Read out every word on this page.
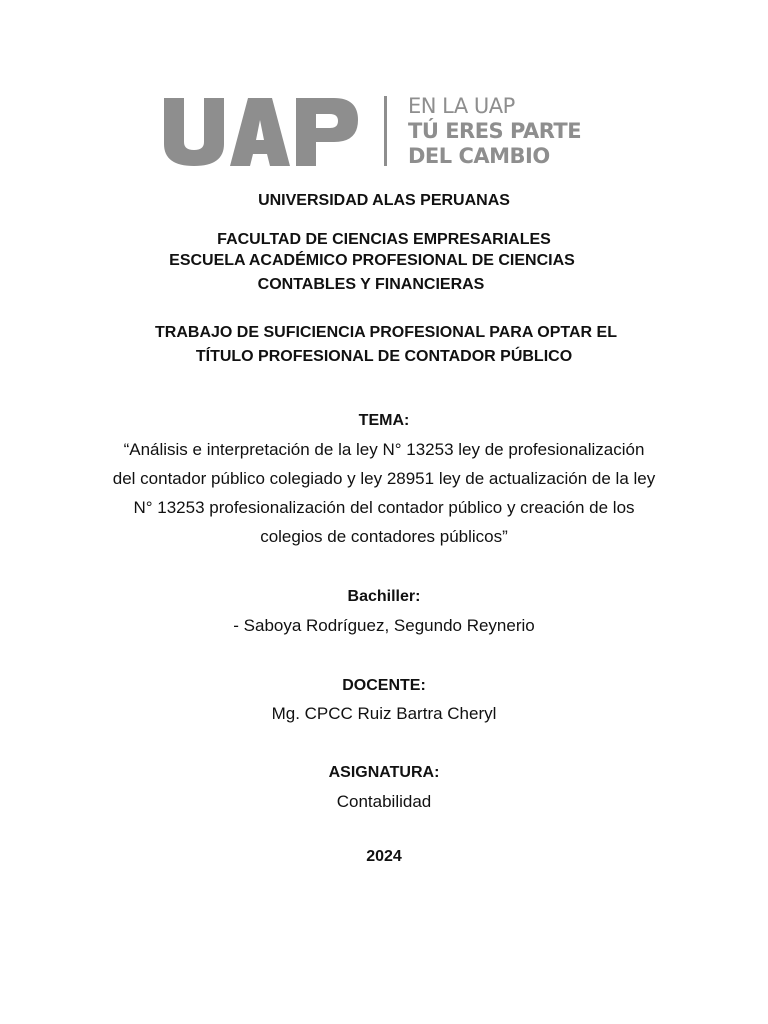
EN LA UAP
TÚ ERES PARTE
DEL CAMBIO
UNIVERSIDAD ALAS PERUANAS
FACULTAD DE CIENCIAS EMPRESARIALES
ESCUELA ACADÉMICO PROFESIONAL DE CIENCIAS
CONTABLES Y FINANCIERAS
TRABAJO DE SUFICIENCIA PROFESIONAL PARA OPTAR EL
TÍTULO PROFESIONAL DE CONTADOR PÚBLICO
TEMA:
“Análisis e interpretación de la ley N° 13253 ley de profesionalización
del contador público colegiado y ley 28951 ley de actualización de la ley
N° 13253 profesionalización del contador público y creación de los
colegios de contadores públicos”
Bachiller:
- Saboya Rodríguez, Segundo Reynerio
DOCENTE:
Mg. CPCC Ruiz Bartra Cheryl
ASIGNATURA:
Contabilidad
2024
